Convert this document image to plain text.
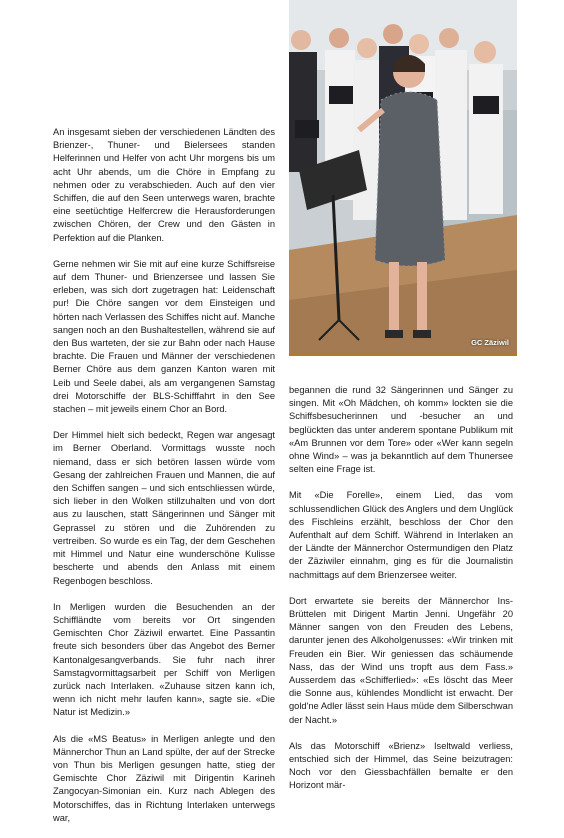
GC Zäziwil

An insgesamt sieben der verschiedenen Ländten des Brienzer-, Thuner- und Bielersees standen Helferinnen und Helfer von acht Uhr morgens bis um acht Uhr abends, um die Chöre in Empfang zu nehmen oder zu verabschieden. Auch auf den vier Schiffen, die auf den Seen unterwegs waren, brachte eine seetüchtige Helfercrew die Herausforderungen zwischen Chören, der Crew und den Gästen in Perfektion auf die Planken.

Gerne nehmen wir Sie mit auf eine kurze Schiffsreise auf dem Thuner- und Brienzersee und lassen Sie erleben, was sich dort zugetragen hat: Leidenschaft pur! Die Chöre sangen vor dem Einsteigen und hörten nach Verlassen des Schiffes nicht auf. Manche sangen noch an den Bushaltestellen, während sie auf den Bus warteten, der sie zur Bahn oder nach Hause brachte. Die Frauen und Männer der verschiedenen Berner Chöre aus dem ganzen Kanton waren mit Leib und Seele dabei, als am vergangenen Samstag drei Motorschiffe der BLS-Schifffahrt in den See stachen – mit jeweils einem Chor an Bord.

Der Himmel hielt sich bedeckt, Regen war angesagt im Berner Oberland. Vormittags wusste noch niemand, dass er sich betören lassen würde vom Gesang der zahlreichen Frauen und Mannen, die auf den Schiffen sangen – und sich entschliessen würde, sich lieber in den Wolken stillzuhalten und von dort aus zu lauschen, statt Sängerinnen und Sänger mit Geprassel zu stören und die Zuhörenden zu vertreiben. So wurde es ein Tag, der dem Geschehen mit Himmel und Natur eine wunderschöne Kulisse bescherte und abends den Anlass mit einem Regenbogen beschloss.

In Merligen wurden die Besuchenden an der Schiffländte vom bereits vor Ort singenden Gemischten Chor Zäziwil erwartet. Eine Passantin freute sich besonders über das Angebot des Berner Kantonalgesangverbands. Sie fuhr nach ihrer Samstagvormittagsarbeit per Schiff von Merligen zurück nach Interlaken. «Zuhause sitzen kann ich, wenn ich nicht mehr laufen kann», sagte sie. «Die Natur ist Medizin.»

Als die «MS Beatus» in Merligen anlegte und den Männerchor Thun an Land spülte, der auf der Strecke von Thun bis Merligen gesungen hatte, stieg der Gemischte Chor Zäziwil mit Dirigentin Karineh Zangocyan-Simonian ein. Kurz nach Ablegen des Motorschiffes, das in Richtung Interlaken unterwegs war,

begannen die rund 32 Sängerinnen und Sänger zu singen. Mit «Oh Mädchen, oh komm» lockten sie die Schiffsbesucherinnen und -besucher an und beglückten das unter anderem spontane Publikum mit «Am Brunnen vor dem Tore» oder «Wer kann segeln ohne Wind» – was ja bekanntlich auf dem Thunersee selten eine Frage ist.

Mit «Die Forelle», einem Lied, das vom schlussendlichen Glück des Anglers und dem Unglück des Fischleins erzählt, beschloss der Chor den Aufenthalt auf dem Schiff. Während in Interlaken an der Ländte der Männerchor Ostermundigen den Platz der Zäziwiler einnahm, ging es für die Journalistin nachmittags auf dem Brienzersee weiter.

Dort erwartete sie bereits der Männerchor Ins-Brüttelen mit Dirigent Martin Jenni. Ungefähr 20 Männer sangen von den Freuden des Lebens, darunter jenen des Alkoholgenusses: «Wir trinken mit Freuden ein Bier. Wir geniessen das schäumende Nass, das der Wind uns tropft aus dem Fass.» Ausserdem das «Schifferlied»: «Es löscht das Meer die Sonne aus, kühlendes Mondlicht ist erwacht. Der gold'ne Adler lässt sein Haus müde dem Silberschwan der Nacht.»

Als das Motorschiff «Brienz» Iseltwald verliess, entschied sich der Himmel, das Seine beizutragen: Noch vor den Giessbachfällen bemalte er den Horizont mär-
